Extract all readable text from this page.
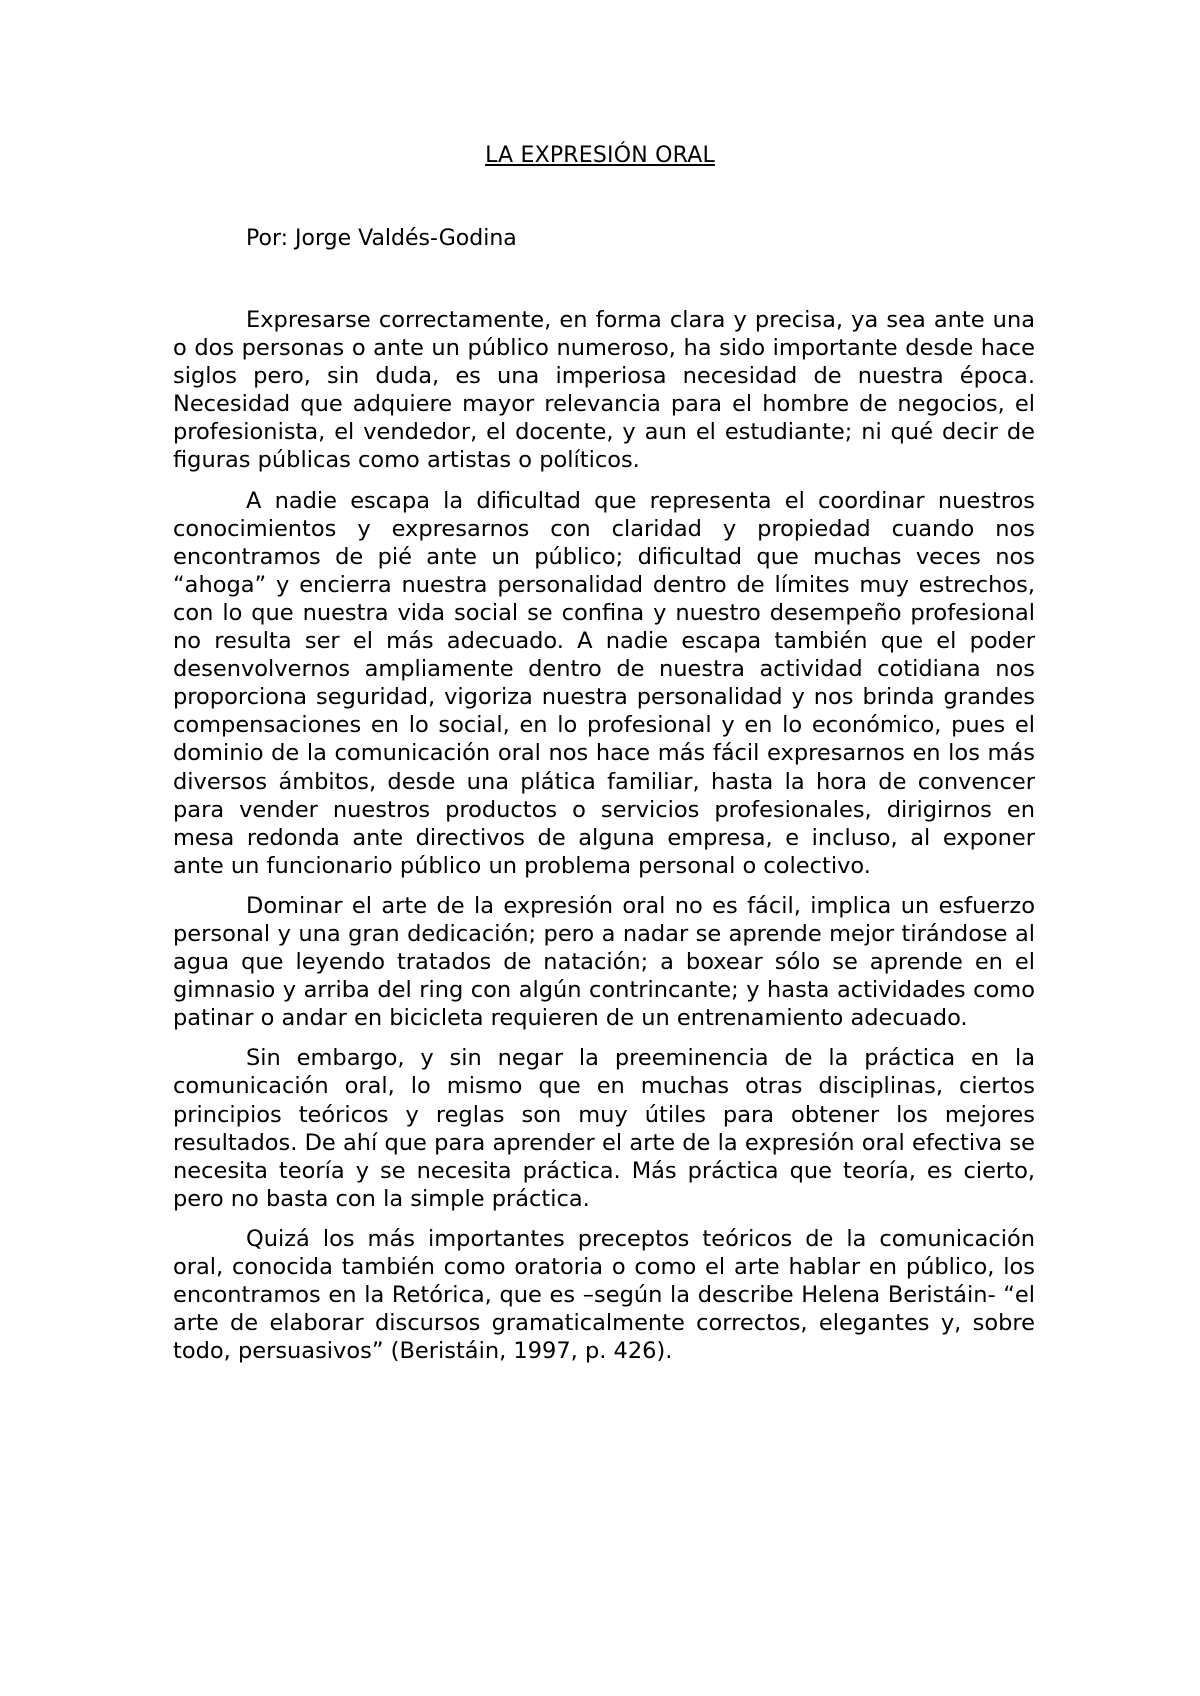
LA EXPRESIÓN ORAL

Por: Jorge Valdés-Godina

Expresarse correctamente, en forma clara y precisa, ya sea ante una o dos personas o ante un público numeroso, ha sido importante desde hace siglos pero, sin duda, es una imperiosa necesidad de nuestra época. Necesidad que adquiere mayor relevancia para el hombre de negocios, el profesionista, el vendedor, el docente, y aun el estudiante; ni qué decir de figuras públicas como artistas o políticos.

A nadie escapa la dificultad que representa el coordinar nuestros conocimientos y expresarnos con claridad y propiedad cuando nos encontramos de pié ante un público; dificultad que muchas veces nos “ahoga” y encierra nuestra personalidad dentro de límites muy estrechos, con lo que nuestra vida social se confina y nuestro desempeño profesional no resulta ser el más adecuado. A nadie escapa también que el poder desenvolvernos ampliamente dentro de nuestra actividad cotidiana nos proporciona seguridad, vigoriza nuestra personalidad y nos brinda grandes compensaciones en lo social, en lo profesional y en lo económico, pues el dominio de la comunicación oral nos hace más fácil expresarnos en los más diversos ámbitos, desde una plática familiar, hasta la hora de convencer para vender nuestros productos o servicios profesionales, dirigirnos en mesa redonda ante directivos de alguna empresa, e incluso, al exponer ante un funcionario público un problema personal o colectivo.

Dominar el arte de la expresión oral no es fácil, implica un esfuerzo personal y una gran dedicación; pero a nadar se aprende mejor tirándose al agua que leyendo tratados de natación; a boxear sólo se aprende en el gimnasio y arriba del ring con algún contrincante; y hasta actividades como patinar o andar en bicicleta requieren de un entrenamiento adecuado.

Sin embargo, y sin negar la preeminencia de la práctica en la comunicación oral, lo mismo que en muchas otras disciplinas, ciertos principios teóricos y reglas son muy útiles para obtener los mejores resultados. De ahí que para aprender el arte de la expresión oral efectiva se necesita teoría y se necesita práctica. Más práctica que teoría, es cierto, pero no basta con la simple práctica.

Quizá los más importantes preceptos teóricos de la comunicación oral, conocida también como oratoria o como el arte hablar en público, los encontramos en la Retórica, que es –según la describe Helena Beristáin- “el arte de elaborar discursos gramaticalmente correctos, elegantes y, sobre todo, persuasivos” (Beristáin, 1997, p. 426).
